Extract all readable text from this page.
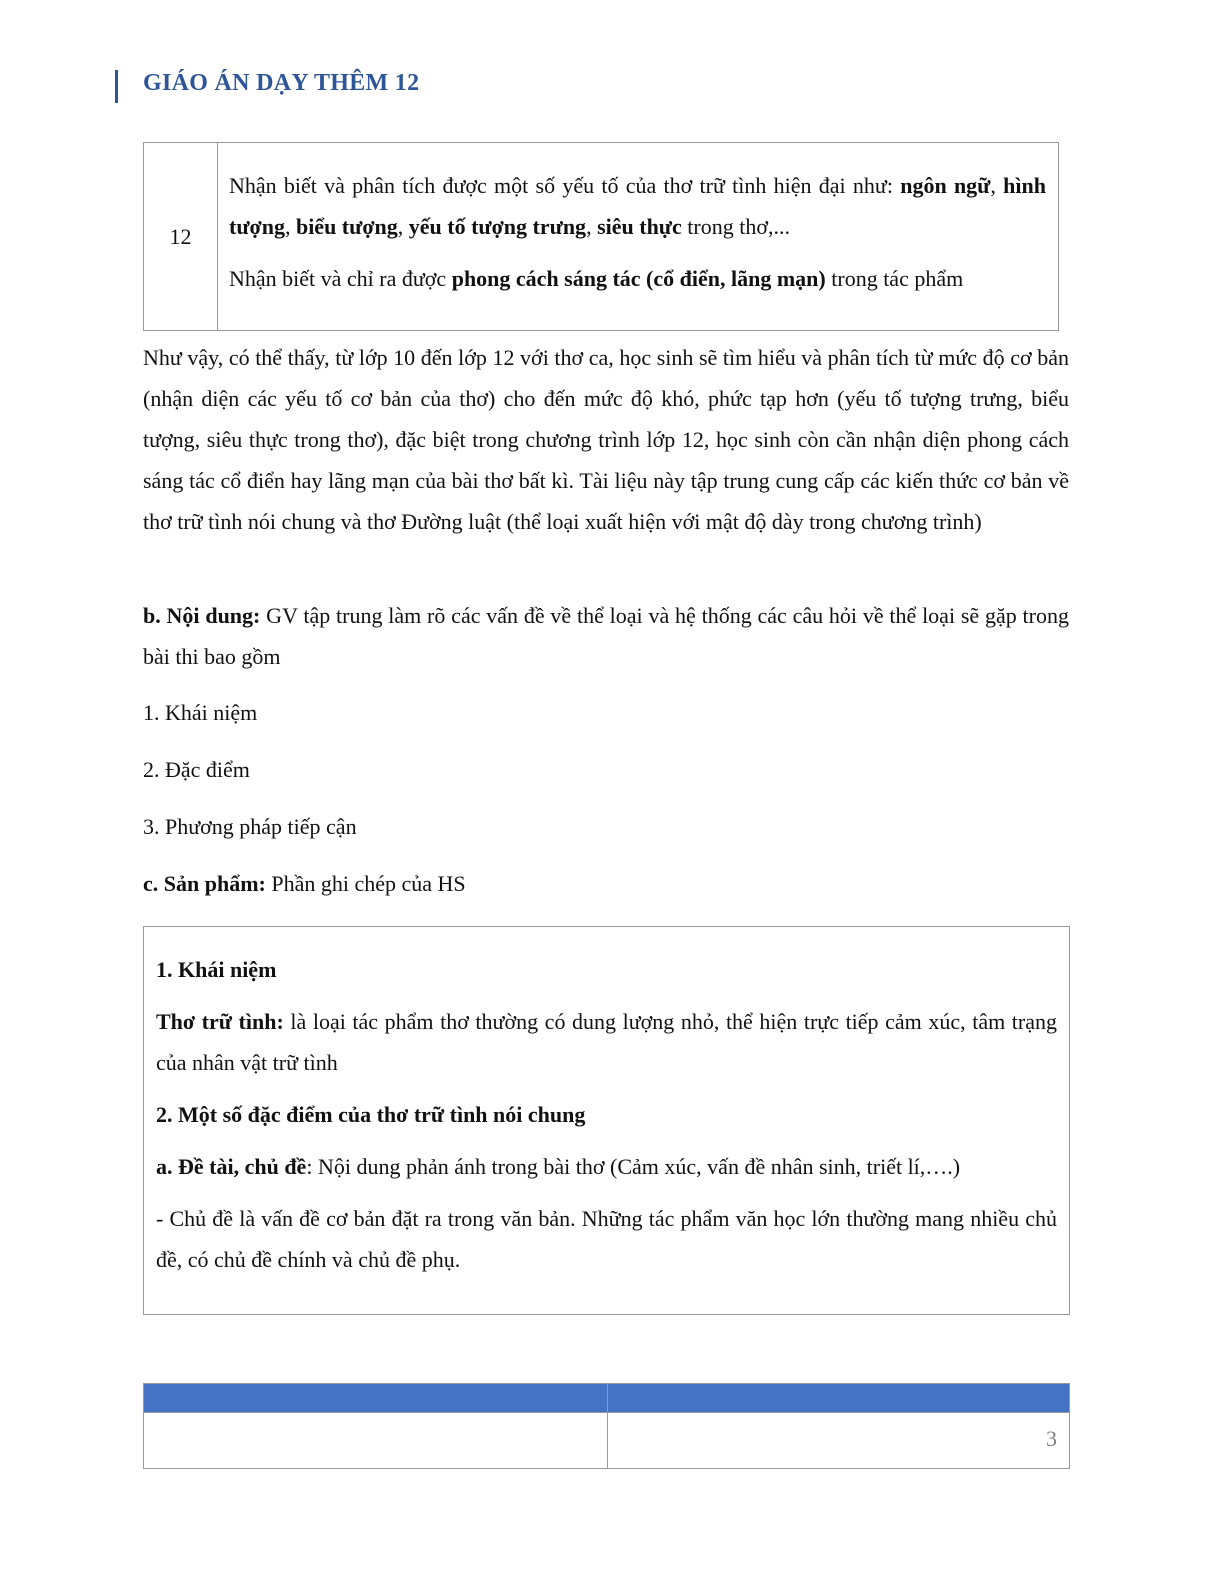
GIÁO ÁN DẠY THÊM 12
12

Nhận biết và phân tích được một số yếu tố của thơ trữ tình hiện đại như: ngôn ngữ, hình tượng, biểu tượng, yếu tố tượng trưng, siêu thực trong thơ,...

Nhận biết và chỉ ra được phong cách sáng tác (cổ điển, lãng mạn) trong tác phẩm

Như vậy, có thể thấy, từ lớp 10 đến lớp 12 với thơ ca, học sinh sẽ tìm hiểu và phân tích từ mức độ cơ bản (nhận diện các yếu tố cơ bản của thơ) cho đến mức độ khó, phức tạp hơn (yếu tố tượng trưng, biểu tượng, siêu thực trong thơ), đặc biệt trong chương trình lớp 12, học sinh còn cần nhận diện phong cách sáng tác cổ điển hay lãng mạn của bài thơ bất kì. Tài liệu này tập trung cung cấp các kiến thức cơ bản về thơ trữ tình nói chung và thơ Đường luật (thể loại xuất hiện với mật độ dày trong chương trình)

b. Nội dung: GV tập trung làm rõ các vấn đề về thể loại và hệ thống các câu hỏi về thể loại sẽ gặp trong bài thi bao gồm

1. Khái niệm

2. Đặc điểm

3. Phương pháp tiếp cận

c. Sản phẩm: Phần ghi chép của HS

1. Khái niệm

Thơ trữ tình: là loại tác phẩm thơ thường có dung lượng nhỏ, thể hiện trực tiếp cảm xúc, tâm trạng của nhân vật trữ tình

2. Một số đặc điểm của thơ trữ tình nói chung

a. Đề tài, chủ đề: Nội dung phản ánh trong bài thơ (Cảm xúc, vấn đề nhân sinh, triết lí,….)

- Chủ đề là vấn đề cơ bản đặt ra trong văn bản. Những tác phẩm văn học lớn thường mang nhiều chủ đề, có chủ đề chính và chủ đề phụ.

3
